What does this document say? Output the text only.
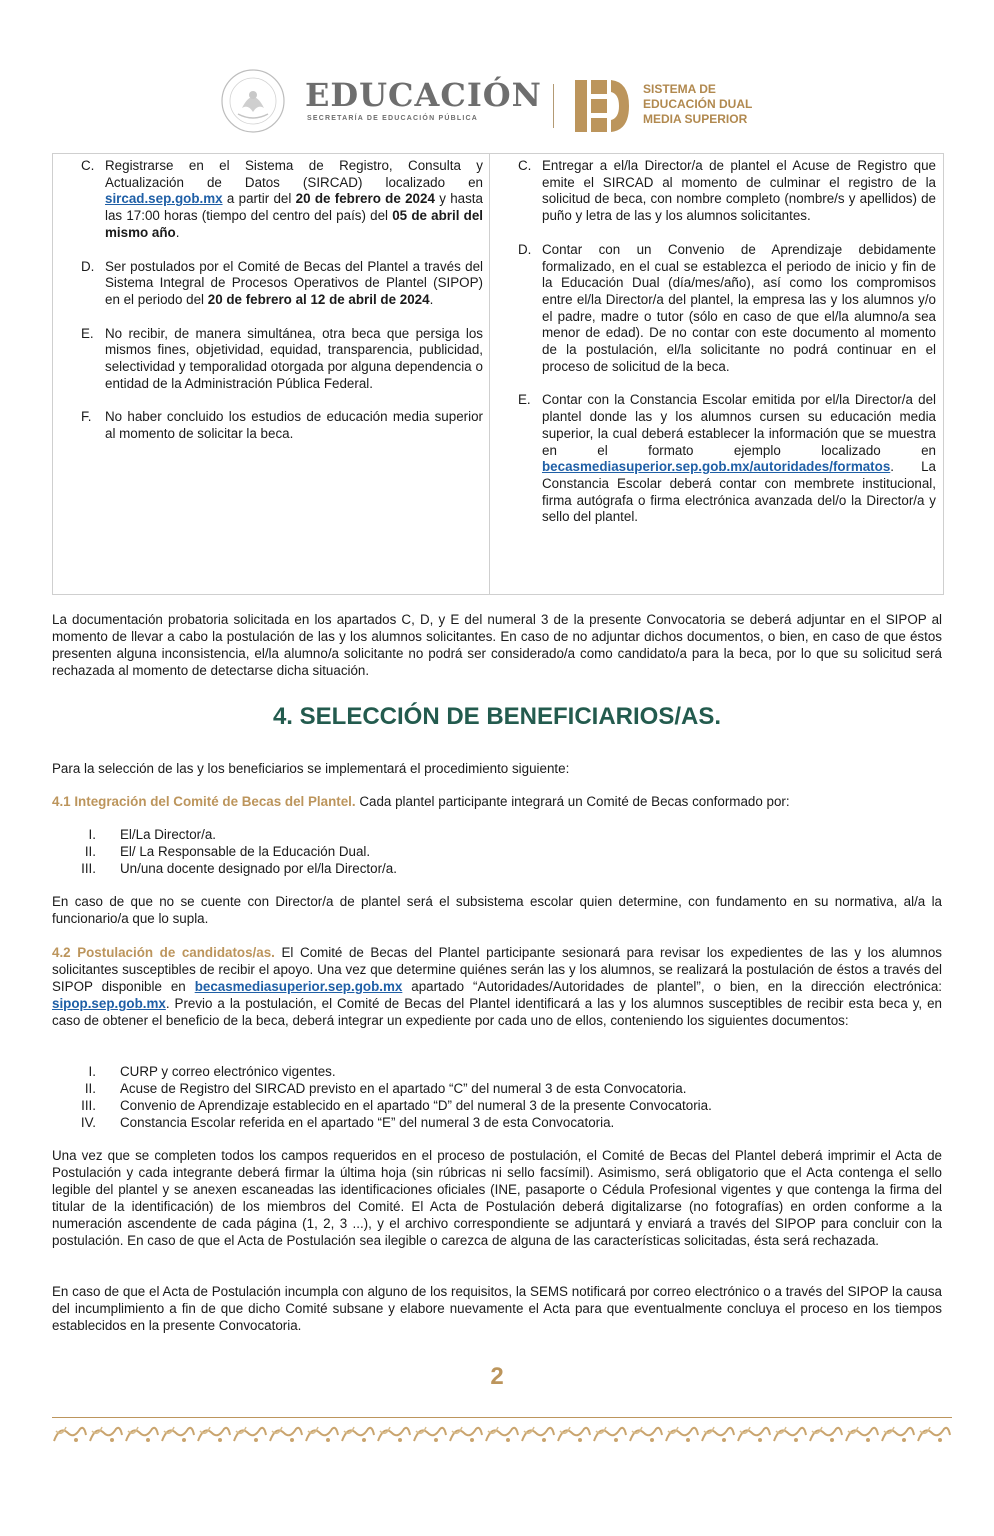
EDUCACIÓN
SECRETARÍA DE EDUCACIÓN PÚBLICA
SISTEMA DE
EDUCACIÓN DUAL
MEDIA SUPERIOR
C. Registrarse en el Sistema de Registro, Consulta y Actualización de Datos (SIRCAD) localizado en sircad.sep.gob.mx a partir del 20 de febrero de 2024 y hasta las 17:00 horas (tiempo del centro del país) del 05 de abril del mismo año.
D. Ser postulados por el Comité de Becas del Plantel a través del Sistema Integral de Procesos Operativos de Plantel (SIPOP) en el periodo del 20 de febrero al 12 de abril de 2024.
E. No recibir, de manera simultánea, otra beca que persiga los mismos fines, objetividad, equidad, transparencia, publicidad, selectividad y temporalidad otorgada por alguna dependencia o entidad de la Administración Pública Federal.
F. No haber concluido los estudios de educación media superior al momento de solicitar la beca.
C. Entregar a el/la Director/a de plantel el Acuse de Registro que emite el SIRCAD al momento de culminar el registro de la solicitud de beca, con nombre completo (nombre/s y apellidos) de puño y letra de las y los alumnos solicitantes.
D. Contar con un Convenio de Aprendizaje debidamente formalizado, en el cual se establezca el periodo de inicio y fin de la Educación Dual (día/mes/año), así como los compromisos entre el/la Director/a del plantel, la empresa las y los alumnos y/o el padre, madre o tutor (sólo en caso de que el/la alumno/a sea menor de edad). De no contar con este documento al momento de la postulación, el/la solicitante no podrá continuar en el proceso de solicitud de la beca.
E. Contar con la Constancia Escolar emitida por el/la Director/a del plantel donde las y los alumnos cursen su educación media superior, la cual deberá establecer la información que se muestra en el formato ejemplo localizado en becasmediasuperior.sep.gob.mx/autoridades/formatos. La Constancia Escolar deberá contar con membrete institucional, firma autógrafa o firma electrónica avanzada del/o la Director/a y sello del plantel.
La documentación probatoria solicitada en los apartados C, D, y E del numeral 3 de la presente Convocatoria se deberá adjuntar en el SIPOP al momento de llevar a cabo la postulación de las y los alumnos solicitantes. En caso de no adjuntar dichos documentos, o bien, en caso de que éstos presenten alguna inconsistencia, el/la alumno/a solicitante no podrá ser considerado/a como candidato/a para la beca, por lo que su solicitud será rechazada al momento de detectarse dicha situación.
4. SELECCIÓN DE BENEFICIARIOS/AS.
Para la selección de las y los beneficiarios se implementará el procedimiento siguiente:
4.1 Integración del Comité de Becas del Plantel. Cada plantel participante integrará un Comité de Becas conformado por:
I. El/La Director/a.
II. El/ La Responsable de la Educación Dual.
III. Un/una docente designado por el/la Director/a.
En caso de que no se cuente con Director/a de plantel será el subsistema escolar quien determine, con fundamento en su normativa, al/a la funcionario/a que lo supla.
4.2 Postulación de candidatos/as. El Comité de Becas del Plantel participante sesionará para revisar los expedientes de las y los alumnos solicitantes susceptibles de recibir el apoyo. Una vez que determine quiénes serán las y los alumnos, se realizará la postulación de éstos a través del SIPOP disponible en becasmediasuperior.sep.gob.mx apartado “Autoridades/Autoridades de plantel”, o bien, en la dirección electrónica: sipop.sep.gob.mx. Previo a la postulación, el Comité de Becas del Plantel identificará a las y los alumnos susceptibles de recibir esta beca y, en caso de obtener el beneficio de la beca, deberá integrar un expediente por cada uno de ellos, conteniendo los siguientes documentos:
I. CURP y correo electrónico vigentes.
II. Acuse de Registro del SIRCAD previsto en el apartado “C” del numeral 3 de esta Convocatoria.
III. Convenio de Aprendizaje establecido en el apartado “D” del numeral 3 de la presente Convocatoria.
IV. Constancia Escolar referida en el apartado “E” del numeral 3 de esta Convocatoria.
Una vez que se completen todos los campos requeridos en el proceso de postulación, el Comité de Becas del Plantel deberá imprimir el Acta de Postulación y cada integrante deberá firmar la última hoja (sin rúbricas ni sello facsímil). Asimismo, será obligatorio que el Acta contenga el sello legible del plantel y se anexen escaneadas las identificaciones oficiales (INE, pasaporte o Cédula Profesional vigentes y que contenga la firma del titular de la identificación) de los miembros del Comité. El Acta de Postulación deberá digitalizarse (no fotografías) en orden conforme a la numeración ascendente de cada página (1, 2, 3 ...), y el archivo correspondiente se adjuntará y enviará a través del SIPOP para concluir con la postulación. En caso de que el Acta de Postulación sea ilegible o carezca de alguna de las características solicitadas, ésta será rechazada.
En caso de que el Acta de Postulación incumpla con alguno de los requisitos, la SEMS notificará por correo electrónico o a través del SIPOP la causa del incumplimiento a fin de que dicho Comité subsane y elabore nuevamente el Acta para que eventualmente concluya el proceso en los tiempos establecidos en la presente Convocatoria.
2
